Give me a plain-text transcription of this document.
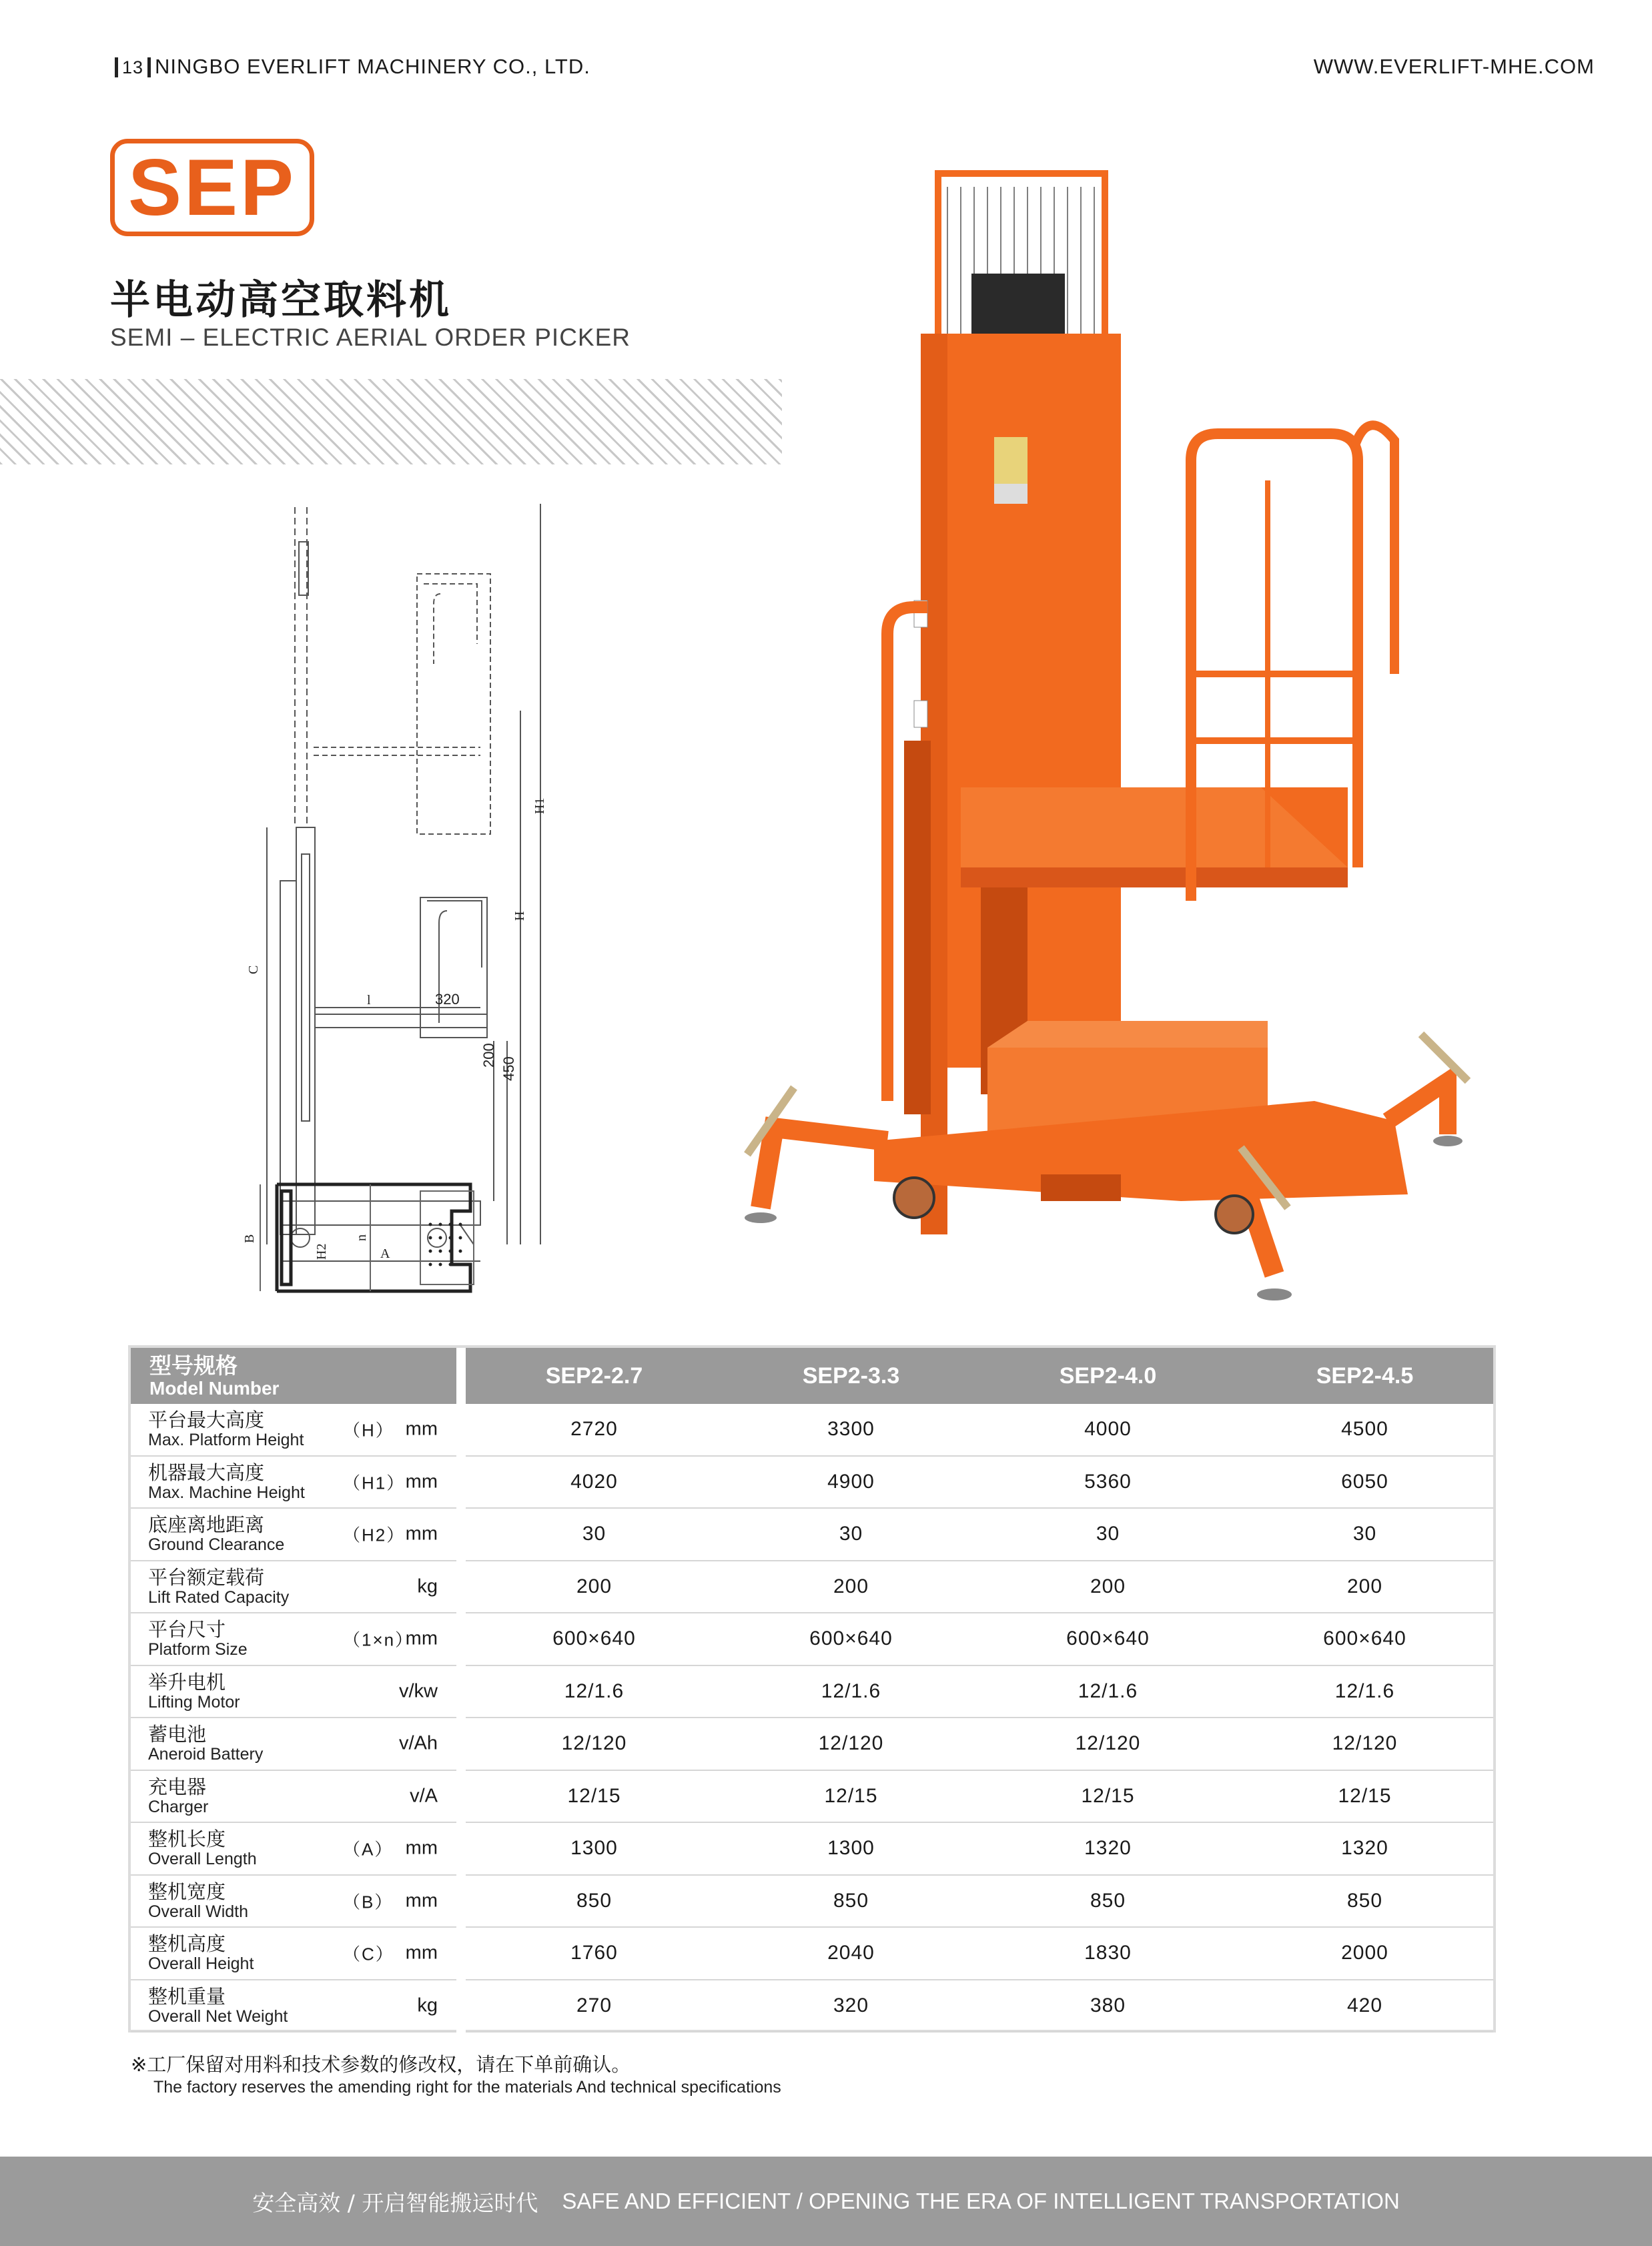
13 NINGBO EVERLIFT MACHINERY CO., LTD.	WWW.EVERLIFT-MHE.COM
SEP
半电动高空取料机
SEMI – ELECTRIC AERIAL ORDER PICKER
H1
H
C
l	320
200
450
H2	A
B	n
型号规格
Model Number		SEP2-2.7	SEP2-3.3	SEP2-4.0	SEP2-4.5

平台最大高度
Max. Platform Height （H） mm		2720	3300	4000	4500

机器最大高度
Max. Machine Height （H1） mm		4020	4900	5360	6050

底座离地距离
Ground Clearance （H2） mm		30	30	30	30

平台额定载荷
Lift Rated Capacity
kg		200	200	200	200

平台尺寸
Platform Size （1×n）
mm		600×640	600×640	600×640	600×640

举升电机
Lifting Motor
v/kw		12/1.6	12/1.6	12/1.6	12/1.6

蓄电池
Aneroid Battery
v/Ah		12/120	12/120	12/120	12/120

充电器
Charger
v/A		12/15	12/15	12/15	12/15

整机长度
Overall Length （A） mm		1300	1300	1320	1320

整机宽度
Overall Width （B） mm		850	850	850	850

整机高度
Overall Height （C） mm		1760	2040	1830	2000

整机重量
Overall Net Weight
kg		270	320	380	420
※工厂保留对用料和技术参数的修改权，请在下单前确认。
The factory reserves the amending right for the materials And technical specifications
安全高效 / 开启智能搬运时代 SAFE AND EFFICIENT / OPENING THE ERA OF INTELLIGENT TRANSPORTATION
